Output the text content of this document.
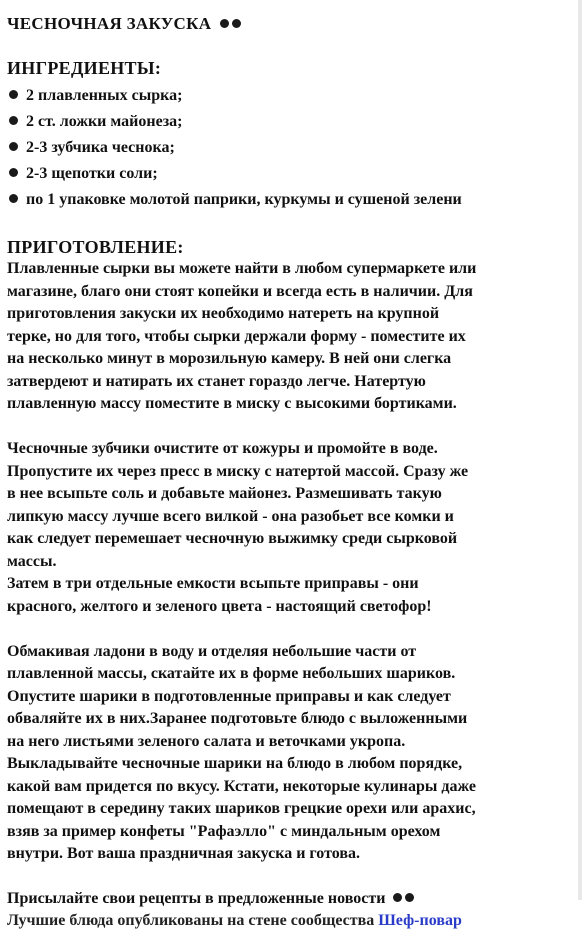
ЧЕСНОЧНАЯ ЗАКУСКА
ИНГРЕДИЕНТЫ:
2 плавленных сырка;
2 ст. ложки майонеза;
2-3 зубчика чеснока;
2-3 щепотки соли;
по 1 упаковке молотой паприки, куркумы и сушеной зелени
ПРИГОТОВЛЕНИЕ:
Плавленные сырки вы можете найти в любом супермаркете или
магазине, благо они стоят копейки и всегда есть в наличии. Для
приготовления закуски их необходимо натереть на крупной
терке, но для того, чтобы сырки держали форму - поместите их
на несколько минут в морозильную камеру. В ней они слегка
затвердеют и натирать их станет гораздо легче. Натертую
плавленную массу поместите в миску с высокими бортиками.
Чесночные зубчики очистите от кожуры и промойте в воде.
Пропустите их через пресс в миску с натертой массой. Сразу же
в нее всыпьте соль и добавьте майонез. Размешивать такую
липкую массу лучше всего вилкой - она разобьет все комки и
как следует перемешает чесночную выжимку среди сырковой
массы.
Затем в три отдельные емкости всыпьте приправы - они
красного, желтого и зеленого цвета - настоящий светофор!
Обмакивая ладони в воду и отделяя небольшие части от
плавленной массы, скатайте их в форме небольших шариков.
Опустите шарики в подготовленные приправы и как следует
обваляйте их в них.Заранее подготовьте блюдо с выложенными
на него листьями зеленого салата и веточками укропа.
Выкладывайте чесночные шарики на блюдо в любом порядке,
какой вам придется по вкусу. Кстати, некоторые кулинары даже
помещают в середину таких шариков грецкие орехи или арахис,
взяв за пример конфеты "Рафаэлло" с миндальным орехом
внутри. Вот ваша праздничная закуска и готова.
Присылайте свои рецепты в предложенные новости
Лучшие блюда опубликованы на стене сообщества Шеф-повар
